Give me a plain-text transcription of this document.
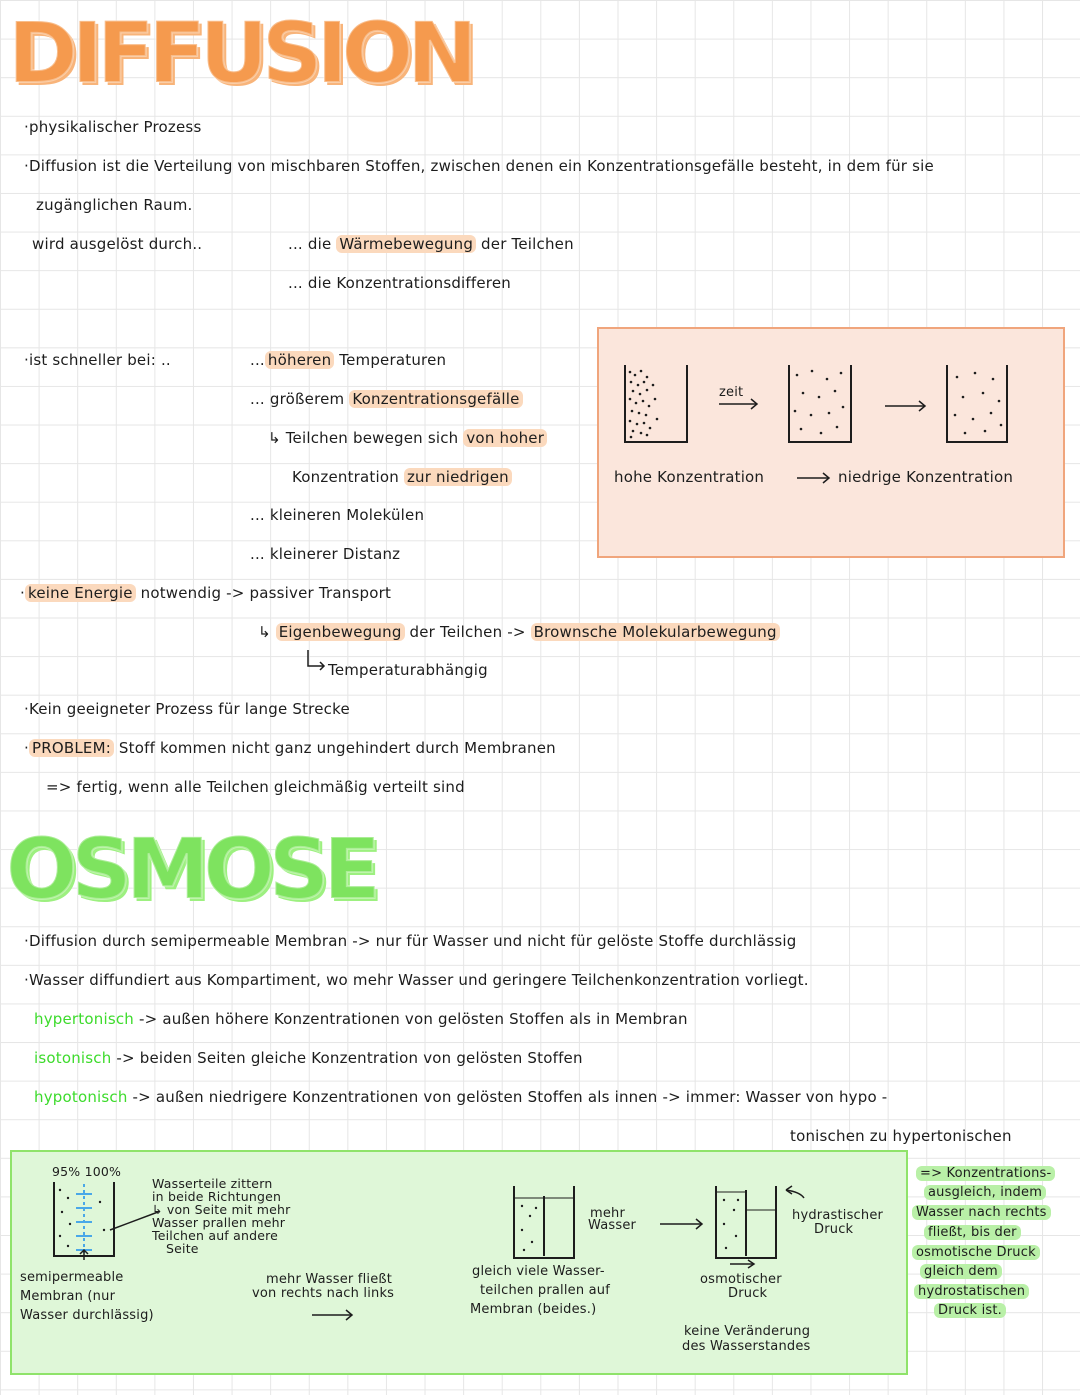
DIFFUSION
·physikalischer Prozess
·Diffusion ist die Verteilung von mischbaren Stoffen, zwischen denen ein Konzentrationsgefälle besteht, in dem für sie
zugänglichen Raum.
wird ausgelöst durch..	... die Wärmebewegung der Teilchen
... die Konzentrationsdifferen
·ist schneller bei: ..	... höheren Temperaturen
... größerem Konzentrationsgefälle
↳ Teilchen bewegen sich von hoher
Konzentration zur niedrigen
... kleineren Molekülen
... kleinerer Distanz
· keine Energie notwendig -> passiver Transport
↳ Eigenbewegung der Teilchen -> Brownsche Molekularbewegung
Temperaturabhängig
·Kein geeigneter Prozess für lange Strecke
· PROBLEM: Stoff kommen nicht ganz ungehindert durch Membranen
=> fertig, wenn alle Teilchen gleichmäßig verteilt sind
zeit
hohe Konzentration	niedrige Konzentration
OSMOSE
·Diffusion durch semipermeable Membran -> nur für Wasser und nicht für gelöste Stoffe durchlässig
·Wasser diffundiert aus Kompartiment, wo mehr Wasser und geringere Teilchenkonzentration vorliegt.
hypertonisch -> außen höhere Konzentrationen von gelösten Stoffen als in Membran
isotonisch -> beiden Seiten gleiche Konzentration von gelösten Stoffen
hypotonisch -> außen niedrigere Konzentrationen von gelösten Stoffen als innen -> immer: Wasser von hypo -
tonischen zu hypertonischen
95% 100%
Wasserteile zittern
in beide Richtungen
↳ von Seite mit mehr
Wasser prallen mehr
Teilchen auf andere
Seite
semipermeable
Membran (nur
Wasser durchlässig)
mehr Wasser fließt
von rechts nach links
gleich viele Wasser-
teilchen prallen auf
Membran (beides.)
mehr
Wasser
hydrastischer
Druck
osmotischer
Druck
keine Veränderung
des Wasserstandes
=> Konzentrations-
ausgleich, indem
Wasser nach rechts
fließt, bis der
osmotische Druck
gleich dem
hydrostatischen
Druck ist.
